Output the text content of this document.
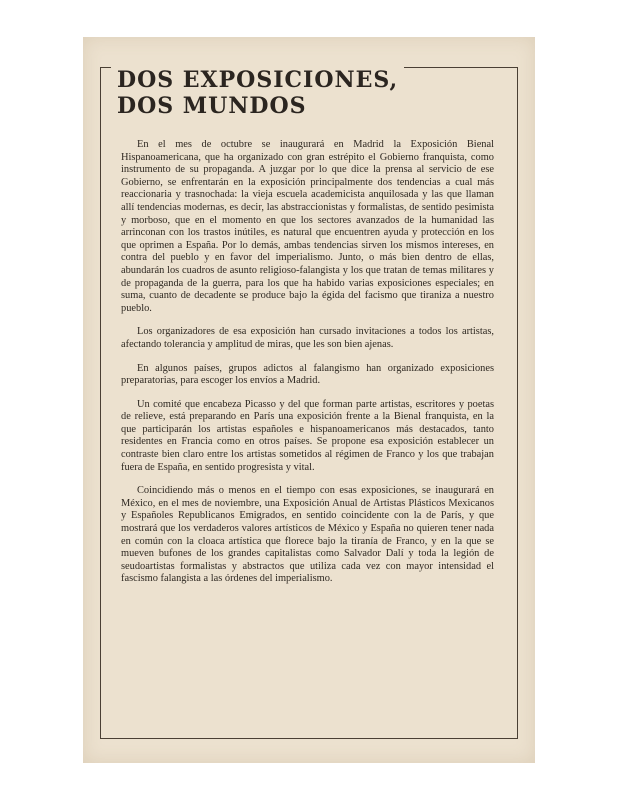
DOS EXPOSICIONES,
DOS MUNDOS

En el mes de octubre se inaugurará en Madrid la Exposición Bienal Hispanoamericana, que ha organizado con gran estrépito el Gobierno franquista, como instrumento de su propaganda. A juzgar por lo que dice la prensa al servicio de ese Gobierno, se enfrentarán en la exposición principalmente dos tendencias a cual más reaccionaria y trasnochada: la vieja escuela academicista anquilosada y las que llaman allí tendencias modernas, es decir, las abstraccionistas y formalistas, de sentido pesimista y morboso, que en el momento en que los sectores avanzados de la humanidad las arrinconan con los trastos inútiles, es natural que encuentren ayuda y protección en los que oprimen a España. Por lo demás, ambas tendencias sirven los mismos intereses, en contra del pueblo y en favor del imperialismo. Junto, o más bien dentro de ellas, abundarán los cuadros de asunto religioso-falangista y los que tratan de temas militares y de propaganda de la guerra, para los que ha habido varias exposiciones especiales; en suma, cuanto de decadente se produce bajo la égida del facismo que tiraniza a nuestro pueblo.

Los organizadores de esa exposición han cursado invitaciones a todos los artistas, afectando tolerancia y amplitud de miras, que les son bien ajenas.

En algunos países, grupos adictos al falangismo han organizado exposiciones preparatorias, para escoger los envíos a Madrid.

Un comité que encabeza Picasso y del que forman parte artistas, escritores y poetas de relieve, está preparando en París una exposición frente a la Bienal franquista, en la que participarán los artistas españoles e hispanoamericanos más destacados, tanto residentes en Francia como en otros países. Se propone esa exposición establecer un contraste bien claro entre los artistas sometidos al régimen de Franco y los que trabajan fuera de España, en sentido progresista y vital.

Coincidiendo más o menos en el tiempo con esas exposiciones, se inaugurará en México, en el mes de noviembre, una Exposición Anual de Artistas Plásticos Mexicanos y Españoles Republicanos Emigrados, en sentido coincidente con la de París, y que mostrará que los verdaderos valores artísticos de México y España no quieren tener nada en común con la cloaca artística que florece bajo la tiranía de Franco, y en la que se mueven bufones de los grandes capitalistas como Salvador Dalí y toda la legión de seudoartistas formalistas y abstractos que utiliza cada vez con mayor intensidad el fascismo falangista a las órdenes del imperialismo.
